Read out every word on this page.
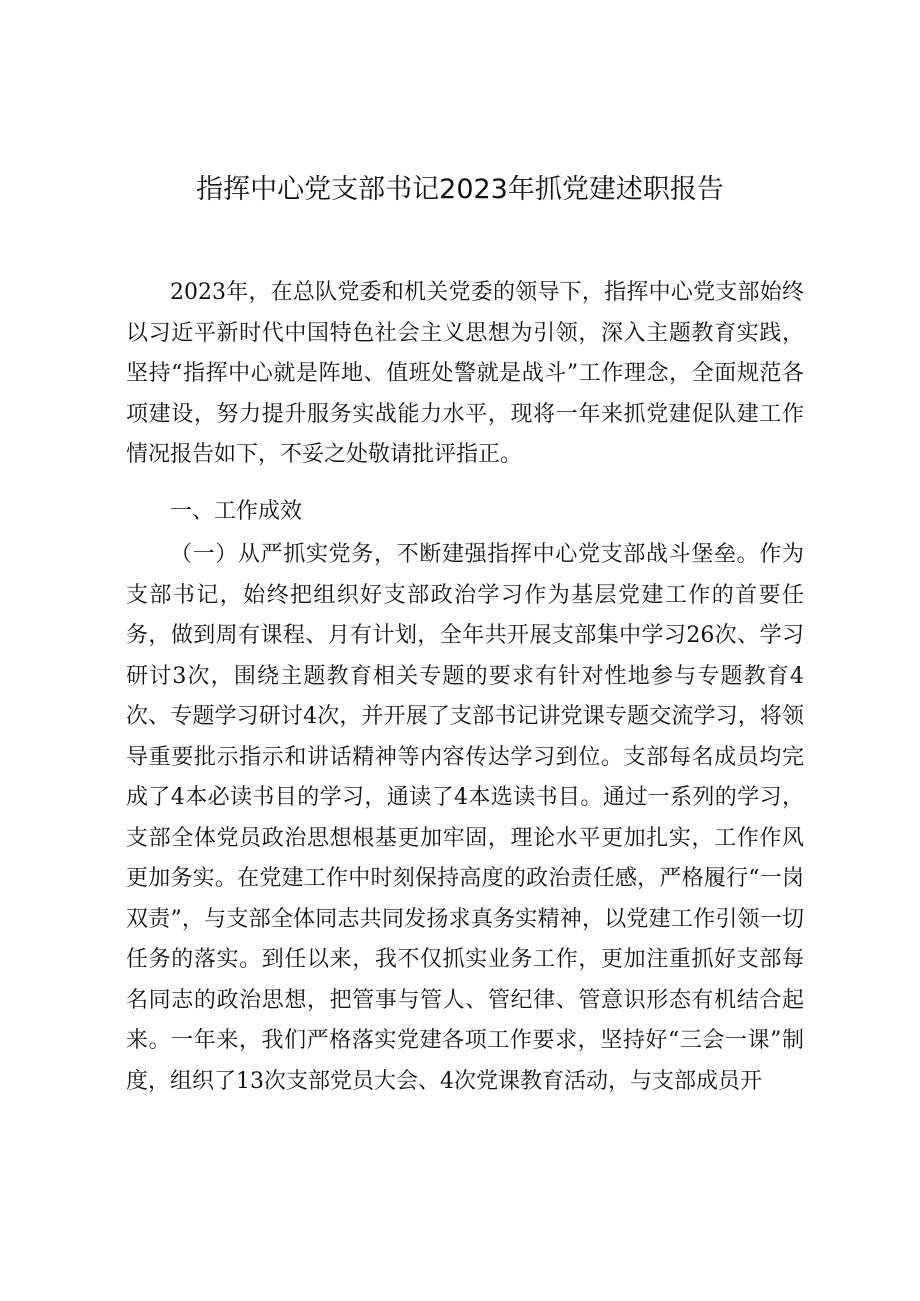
指挥中心党支部书记2023年抓党建述职报告

2023年，在总队党委和机关党委的领导下，指挥中心党支部始终以习近平新时代中国特色社会主义思想为引领，深入主题教育实践，坚持“指挥中心就是阵地、值班处警就是战斗”工作理念，全面规范各项建设，努力提升服务实战能力水平，现将一年来抓党建促队建工作情况报告如下，不妥之处敬请批评指正。

一、工作成效

（一）从严抓实党务，不断建强指挥中心党支部战斗堡垒。作为支部书记，始终把组织好支部政治学习作为基层党建工作的首要任务，做到周有课程、月有计划，全年共开展支部集中学习26次、学习研讨3次，围绕主题教育相关专题的要求有针对性地参与专题教育4次、专题学习研讨4次，并开展了支部书记讲党课专题交流学习，将领导重要批示指示和讲话精神等内容传达学习到位。支部每名成员均完成了4本必读书目的学习，通读了4本选读书目。通过一系列的学习，支部全体党员政治思想根基更加牢固，理论水平更加扎实，工作作风更加务实。在党建工作中时刻保持高度的政治责任感，严格履行“一岗双责”，与支部全体同志共同发扬求真务实精神，以党建工作引领一切任务的落实。到任以来，我不仅抓实业务工作，更加注重抓好支部每名同志的政治思想，把管事与管人、管纪律、管意识形态有机结合起来。一年来，我们严格落实党建各项工作要求，坚持好“三会一课”制度，组织了13次支部党员大会、4次党课教育活动，与支部成员开
